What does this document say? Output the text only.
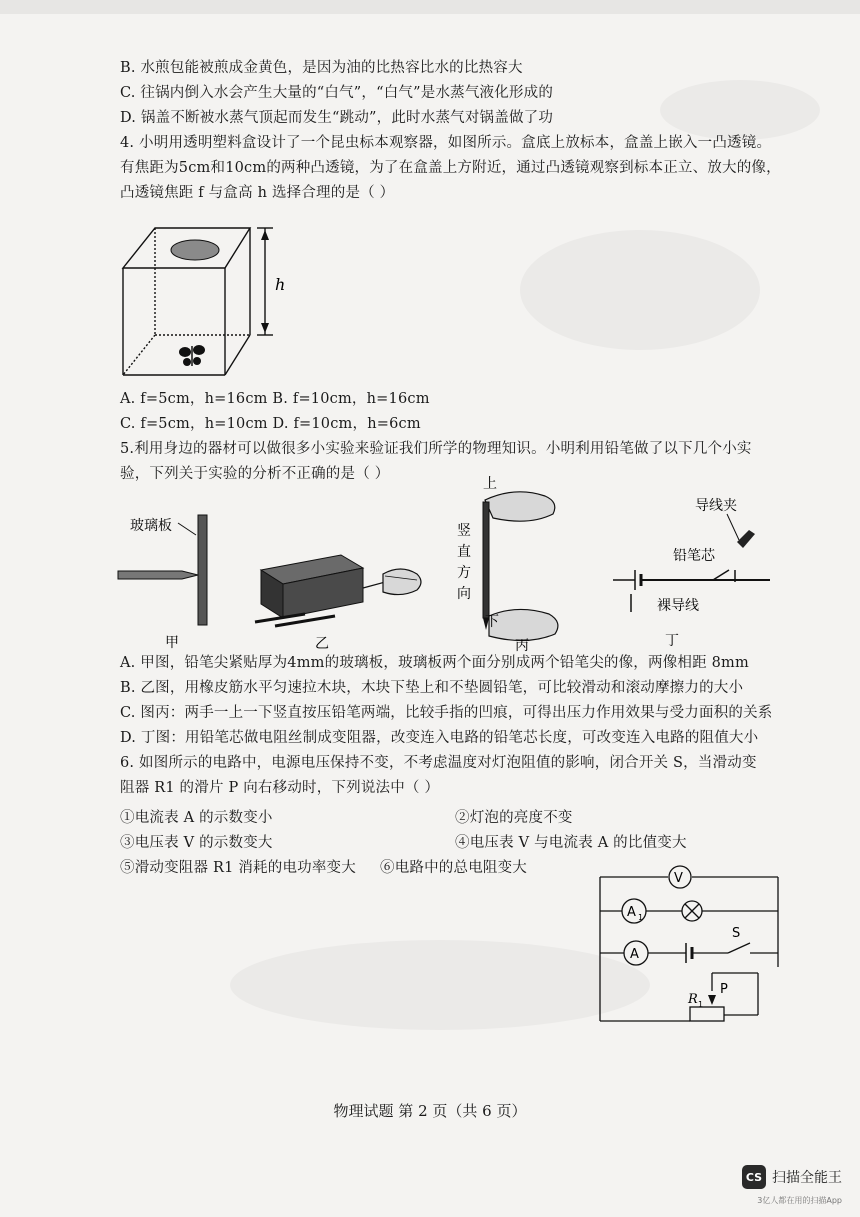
B. 水煎包能被煎成金黄色，是因为油的比热容比水的比热容大
C. 往锅内倒入水会产生大量的“白气”，“白气”是水蒸气液化形成的
D. 锅盖不断被水蒸气顶起而发生“跳动”，此时水蒸气对锅盖做了功
4. 小明用透明塑料盒设计了一个昆虫标本观察器，如图所示。盒底上放标本，盒盖上嵌入一凸透镜。
有焦距为5cm和10cm的两种凸透镜，为了在盒盖上方附近，通过凸透镜观察到标本正立、放大的像，
凸透镜焦距 f 与盒高 h 选择合理的是（ ）
h
A. f=5cm，h=16cm B. f=10cm，h=16cm
C. f=5cm，h=10cm D. f=10cm，h=6cm
5.利用身边的器材可以做很多小实验来验证我们所学的物理知识。小明利用铅笔做了以下几个小实
验，下列关于实验的分析不正确的是（ ）
玻璃板
甲	乙
上
竖
直
方
向
下
丙
导线夹
铅笔芯
裸导线
丁
A. 甲图，铅笔尖紧贴厚为4mm的玻璃板，玻璃板两个面分别成两个铅笔尖的像，两像相距 8mm
B. 乙图，用橡皮筋水平匀速拉木块，木块下垫上和不垫圆铅笔，可比较滑动和滚动摩擦力的大小
C. 图丙：两手一上一下竖直按压铅笔两端，比较手指的凹痕，可得出压力作用效果与受力面积的关系
D. 丁图：用铅笔芯做电阻丝制成变阻器，改变连入电路的铅笔芯长度，可改变连入电路的阻值大小
6. 如图所示的电路中，电源电压保持不变，不考虑温度对灯泡阻值的影响，闭合开关 S，当滑动变
阻器 R1 的滑片 P 向右移动时，下列说法中（ ）
①电流表 A 的示数变小	②灯泡的亮度不变
③电压表 V 的示数变大	④电压表 V 与电流表 A 的比值变大
⑤滑动变阻器 R1 消耗的电功率变大 ⑥电路中的总电阻变大
V
A 1
A
S
R 1
P
物理试题 第 2 页（共 6 页）
CS 扫描全能王
3亿人都在用的扫描App
